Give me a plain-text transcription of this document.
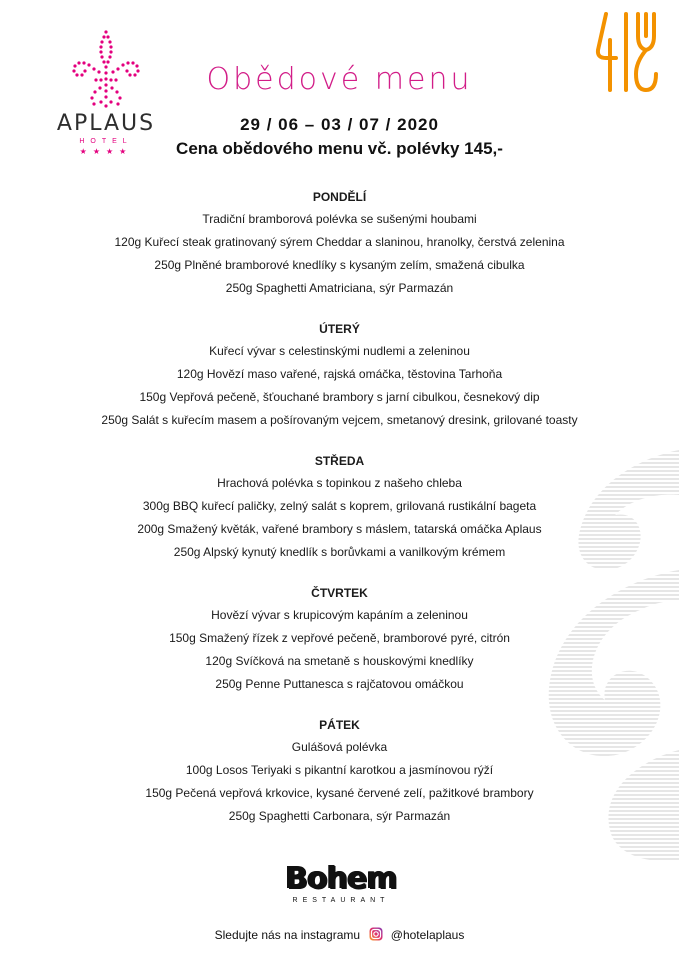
APLAUS
HOTEL
★★★★
Obědové menu
29 / 06 – 03 / 07 / 2020
Cena obědového menu vč. polévky 145,-
PONDĚLÍ
Tradiční bramborová polévka se sušenými houbami
120g Kuřecí steak gratinovaný sýrem Cheddar a slaninou, hranolky, čerstvá zelenina
250g Plněné bramborové knedlíky s kysaným zelím, smažená cibulka
250g Spaghetti Amatriciana, sýr Parmazán
ÚTERÝ
Kuřecí vývar s celestinskými nudlemi a zeleninou
120g Hovězí maso vařené, rajská omáčka, těstovina Tarhoňa
150g Vepřová pečeně, šťouchané brambory s jarní cibulkou, česnekový dip
250g Salát s kuřecím masem a pošírovaným vejcem, smetanový dresink, grilované toasty
STŘEDA
Hrachová polévka s topinkou z našeho chleba
300g BBQ kuřecí paličky, zelný salát s koprem, grilovaná rustikální bageta
200g Smažený květák, vařené brambory s máslem, tatarská omáčka Aplaus
250g Alpský kynutý knedlík s borůvkami a vanilkovým krémem
ČTVRTEK
Hovězí vývar s krupicovým kapáním a zeleninou
150g Smažený řízek z vepřové pečeně, bramborové pyré, citrón
120g Svíčková na smetaně s houskovými knedlíky
250g Penne Puttanesca s rajčatovou omáčkou
PÁTEK
Gulášová polévka
100g Losos Teriyaki s pikantní karotkou a jasmínovou rýží
150g Pečená vepřová krkovice, kysané červené zelí, pažitkové brambory
250g Spaghetti Carbonara, sýr Parmazán
Bohem
RESTAURANT
Sledujte nás na instagramu	@hotelaplaus
